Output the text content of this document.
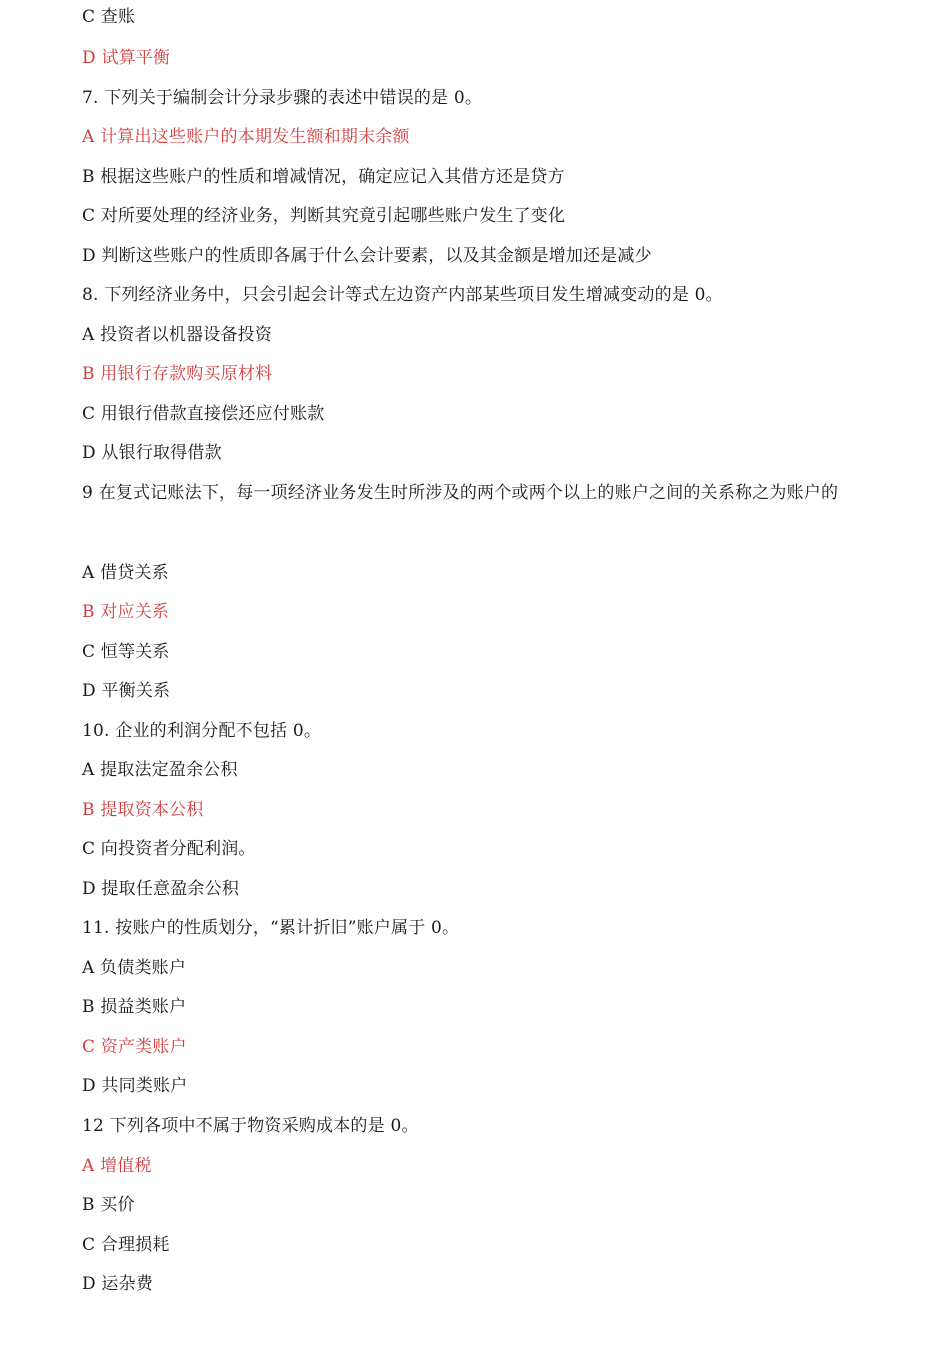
C 查账
D 试算平衡
7. 下列关于编制会计分录步骤的表述中错误的是 0。
A 计算出这些账户的本期发生额和期末余额
B 根据这些账户的性质和增减情况，确定应记入其借方还是贷方
C 对所要处理的经济业务，判断其究竟引起哪些账户发生了变化
D 判断这些账户的性质即各属于什么会计要素，以及其金额是增加还是减少
8. 下列经济业务中，只会引起会计等式左边资产内部某些项目发生增减变动的是 0。
A 投资者以机器设备投资
B 用银行存款购买原材料
C 用银行借款直接偿还应付账款
D 从银行取得借款
9 在复式记账法下，每一项经济业务发生时所涉及的两个或两个以上的账户之间的关系称之为账户的
A 借贷关系
B 对应关系
C 恒等关系
D 平衡关系
10. 企业的利润分配不包括 0。
A 提取法定盈余公积
B 提取资本公积
C 向投资者分配利润。
D 提取任意盈余公积
11. 按账户的性质划分，“累计折旧”账户属于 0。
A 负债类账户
B 损益类账户
C 资产类账户
D 共同类账户
12 下列各项中不属于物资采购成本的是 0。
A 增值税
B 买价
C 合理损耗
D 运杂费
